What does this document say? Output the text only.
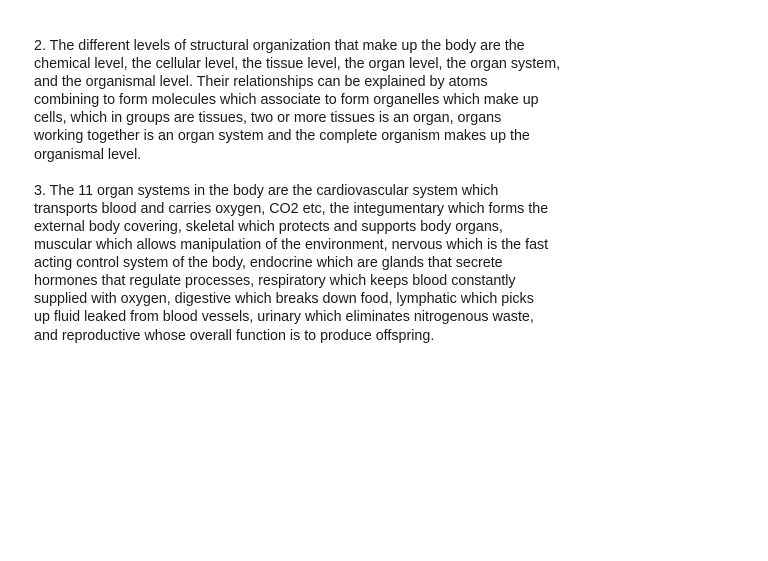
2. The different levels of structural organization that make up the body are the
chemical level, the cellular level, the tissue level, the organ level, the organ system,
and the organismal level. Their relationships can be explained by atoms
combining to form molecules which associate to form organelles which make up
cells, which in groups are tissues, two or more tissues is an organ, organs
working together is an organ system and the complete organism makes up the
organismal level.

3. The 11 organ systems in the body are the cardiovascular system which
transports blood and carries oxygen, CO2 etc, the integumentary which forms the
external body covering, skeletal which protects and supports body organs,
muscular which allows manipulation of the environment, nervous which is the fast
acting control system of the body, endocrine which are glands that secrete
hormones that regulate processes, respiratory which keeps blood constantly
supplied with oxygen, digestive which breaks down food, lymphatic which picks
up fluid leaked from blood vessels, urinary which eliminates nitrogenous waste,
and reproductive whose overall function is to produce offspring.
